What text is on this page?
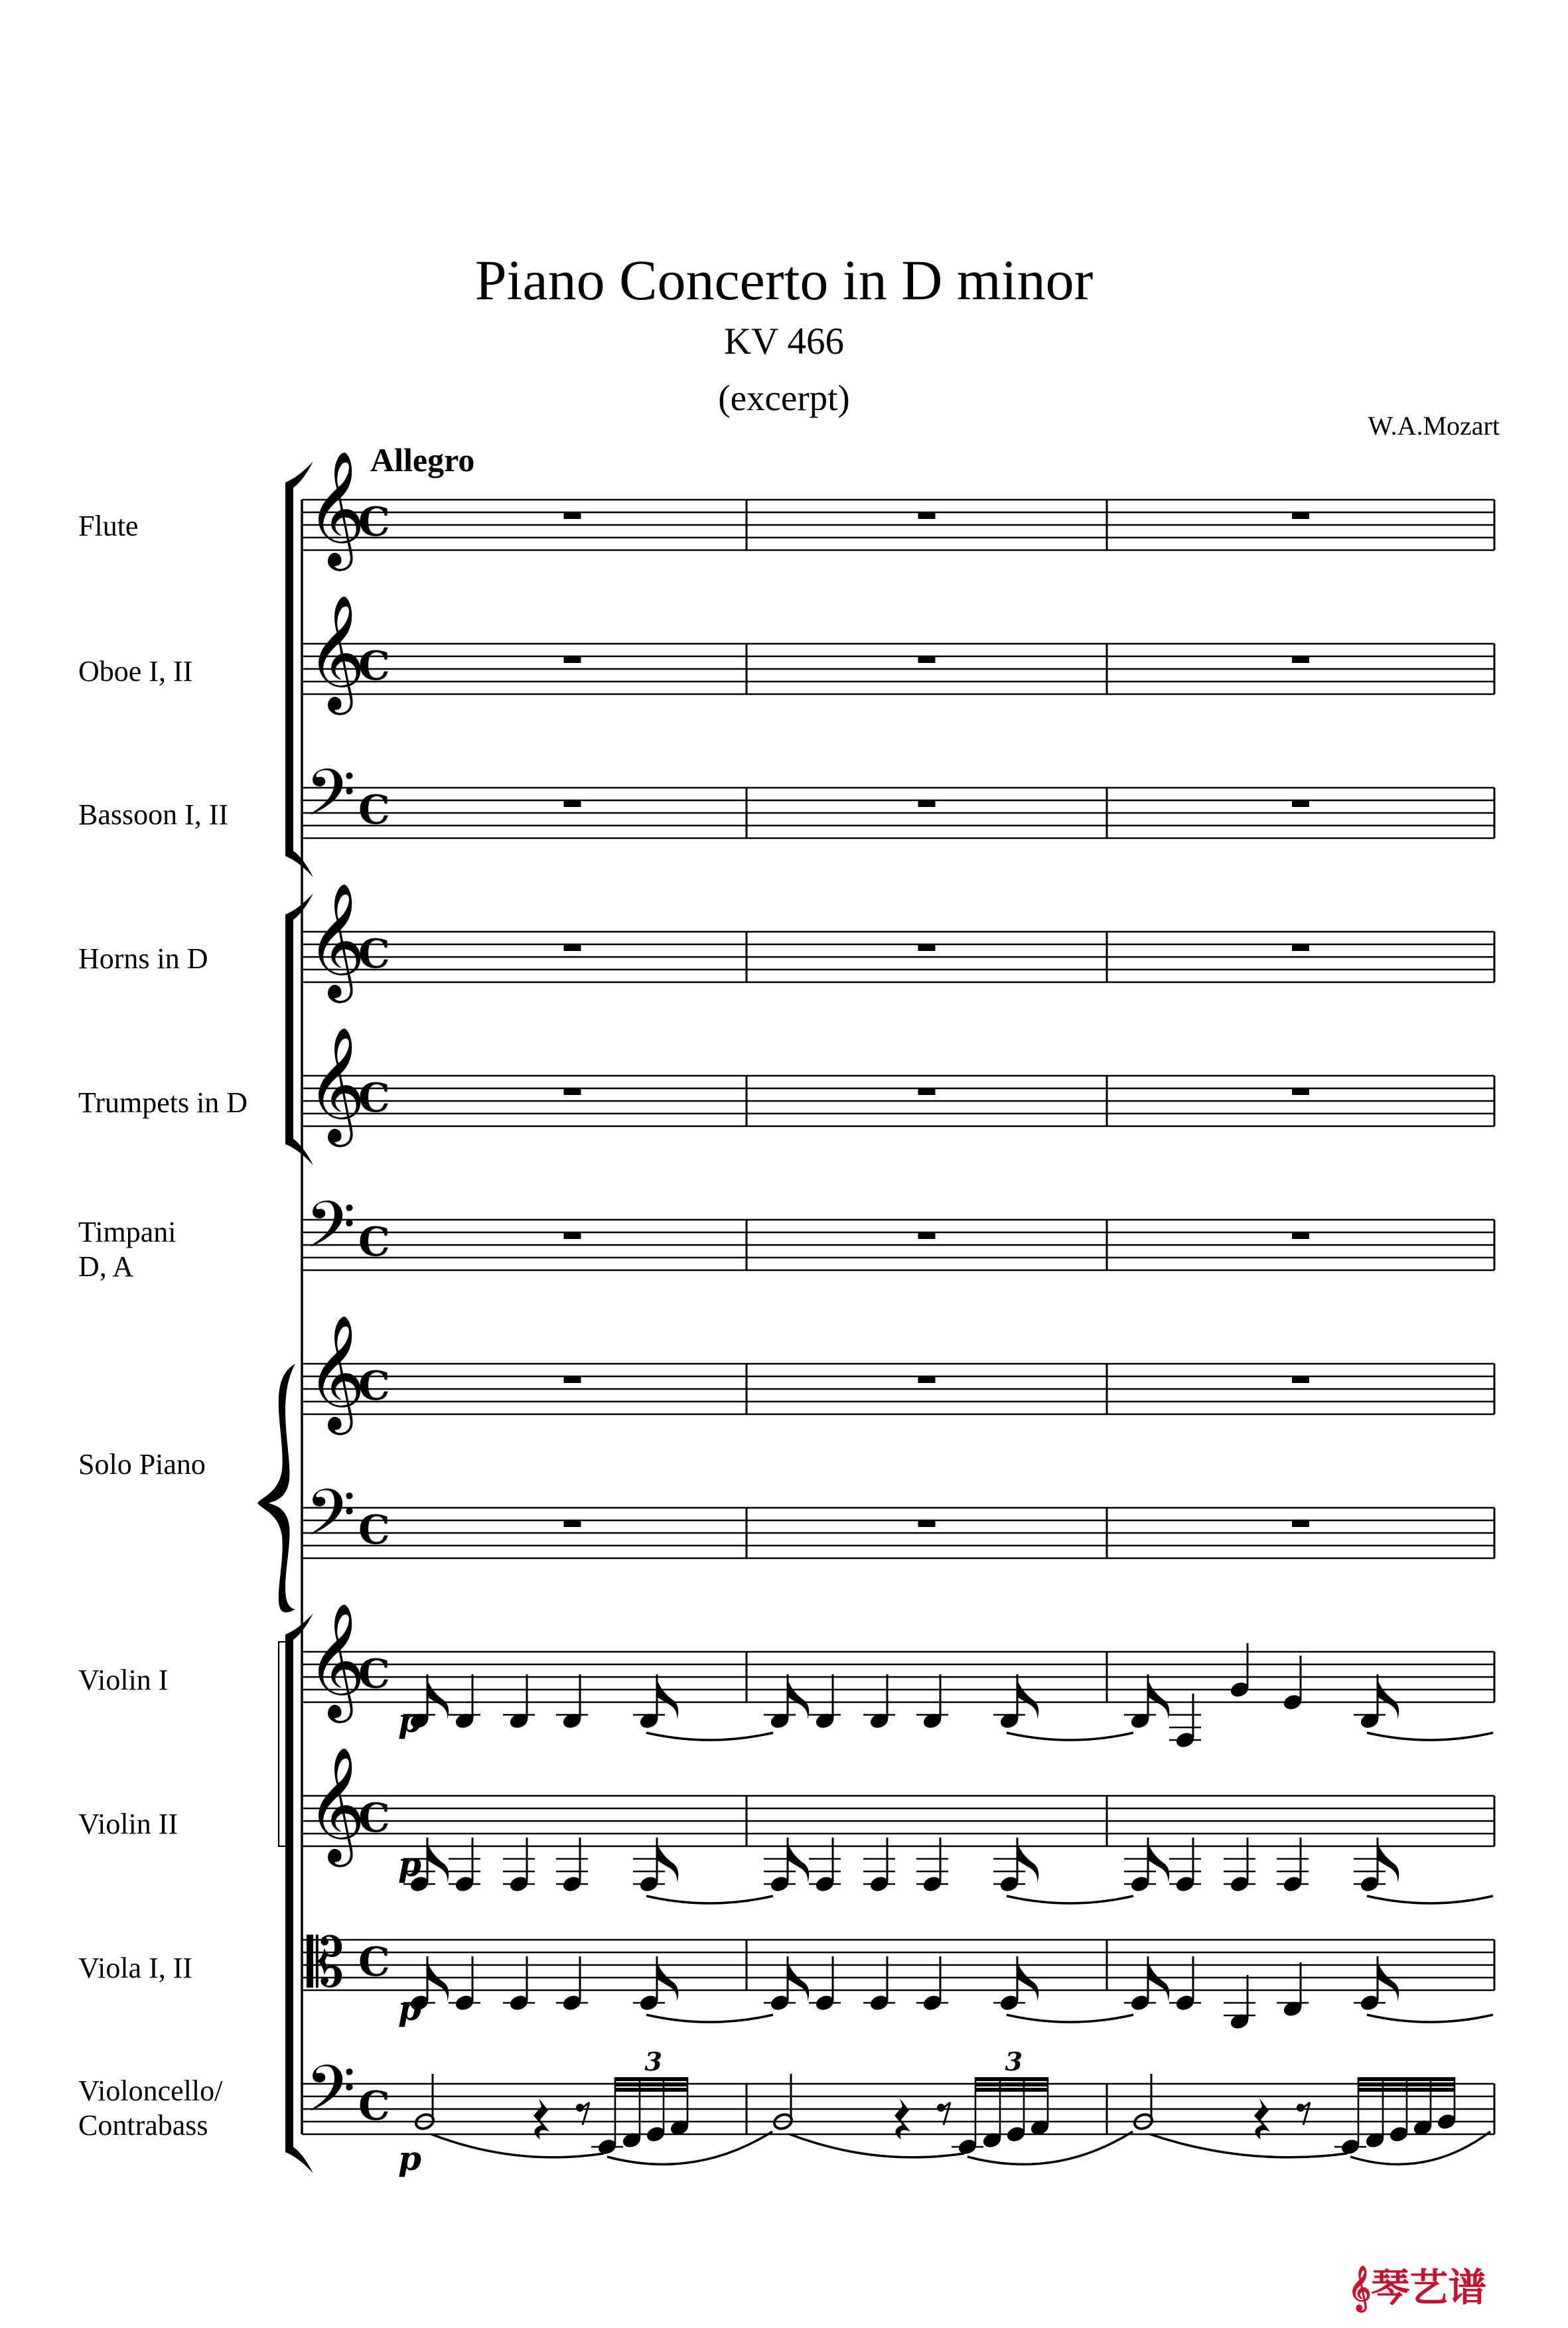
Piano Concerto in D minor
KV 466
(excerpt)
W.A.Mozart
Allegro
Flute
Oboe I, II
Bassoon I, II
Horns in D
Trumpets in D
Timpani
D, A
Solo Piano
Violin I
Violin II
Viola I, II
Violoncello/
Contrabass
𝄞
C
𝄞
C
𝄢 C
𝄞
C
𝄞
C
𝄢 C
𝄞
C
𝄢 C
𝄞
C
𝄞
C
𝄡 C
𝄢 C
p
p
p
p
3	3
𝄞琴艺谱
